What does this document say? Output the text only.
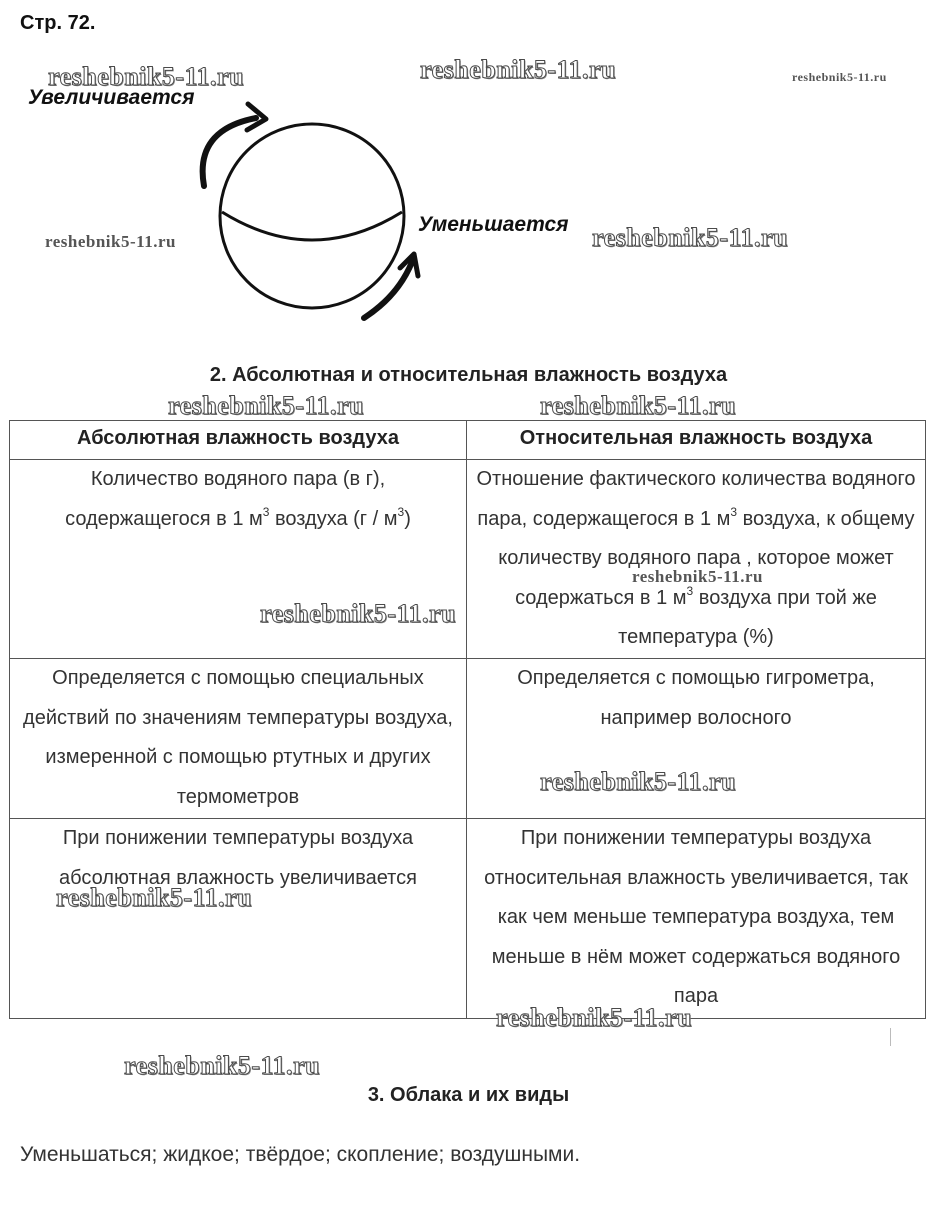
Стр. 72.
Увеличивается
Уменьшается
2. Абсолютная и относительная влажность воздуха
Абсолютная влажность воздуха	Относительная влажность воздуха
Количество водяного пара (в г),
содержащегося в 1 $м^3$ воздуха $(г / м^3)$	Отношение фактического количества водяного пара, содержащегося в 1 $м^3$ воздуха, к общему количеству водяного пара , которое может содержаться в 1 $м^3$ воздуха при той же температура (%)
Определяется с помощью специальных действий по значениям температуры воздуха, измеренной с помощью ртутных и других термометров	Определяется с помощью гигрометра, например волосного
При понижении температуры воздуха абсолютная влажность увеличивается	При понижении температуры воздуха относительная влажность увеличивается, так как чем меньше температура воздуха, тем меньше в нём может содержаться водяного пара
3. Облака и их виды
Уменьшаться; жидкое; твёрдое; скопление; воздушными.
reshebnik5-11.ru	reshebnik5-11.ru	reshebnik5-11.ru
reshebnik5-11.ru	reshebnik5-11.ru
reshebnik5-11.ru	reshebnik5-11.ru
reshebnik5-11.ru
reshebnik5-11.ru
reshebnik5-11.ru
reshebnik5-11.ru
reshebnik5-11.ru
reshebnik5-11.ru
